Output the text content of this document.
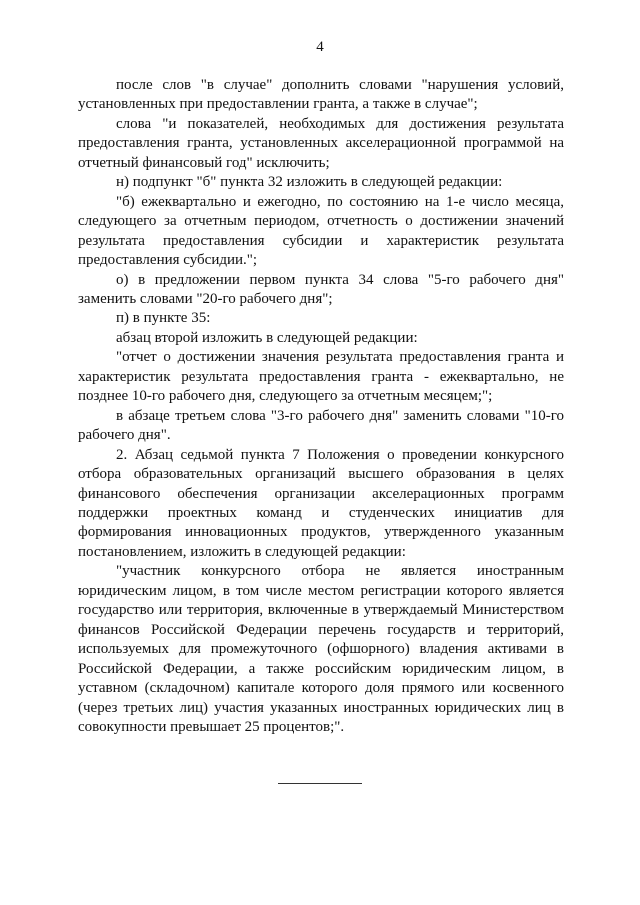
4

после слов "в случае" дополнить словами "нарушения условий, установленных при предоставлении гранта, а также в случае";

слова "и показателей, необходимых для достижения результата предоставления гранта, установленных акселерационной программой на отчетный финансовый год" исключить;

н) подпункт "б" пункта 32 изложить в следующей редакции:

"б) ежеквартально и ежегодно, по состоянию на 1-е число месяца, следующего за отчетным периодом, отчетность о достижении значений результата предоставления субсидии и характеристик результата предоставления субсидии.";

о) в предложении первом пункта 34 слова "5-го рабочего дня" заменить словами "20-го рабочего дня";

п) в пункте 35:

абзац второй изложить в следующей редакции:

"отчет о достижении значения результата предоставления гранта и характеристик результата предоставления гранта - ежеквартально, не позднее 10-го рабочего дня, следующего за отчетным месяцем;";

в абзаце третьем слова "3-го рабочего дня" заменить словами "10-го рабочего дня".

2. Абзац седьмой пункта 7 Положения о проведении конкурсного отбора образовательных организаций высшего образования в целях финансового обеспечения организации акселерационных программ поддержки проектных команд и студенческих инициатив для формирования инновационных продуктов, утвержденного указанным постановлением, изложить в следующей редакции:

"участник конкурсного отбора не является иностранным юридическим лицом, в том числе местом регистрации которого является государство или территория, включенные в утверждаемый Министерством финансов Российской Федерации перечень государств и территорий, используемых для промежуточного (офшорного) владения активами в Российской Федерации, а также российским юридическим лицом, в уставном (складочном) капитале которого доля прямого или косвенного (через третьих лиц) участия указанных иностранных юридических лиц в совокупности превышает 25 процентов;".
